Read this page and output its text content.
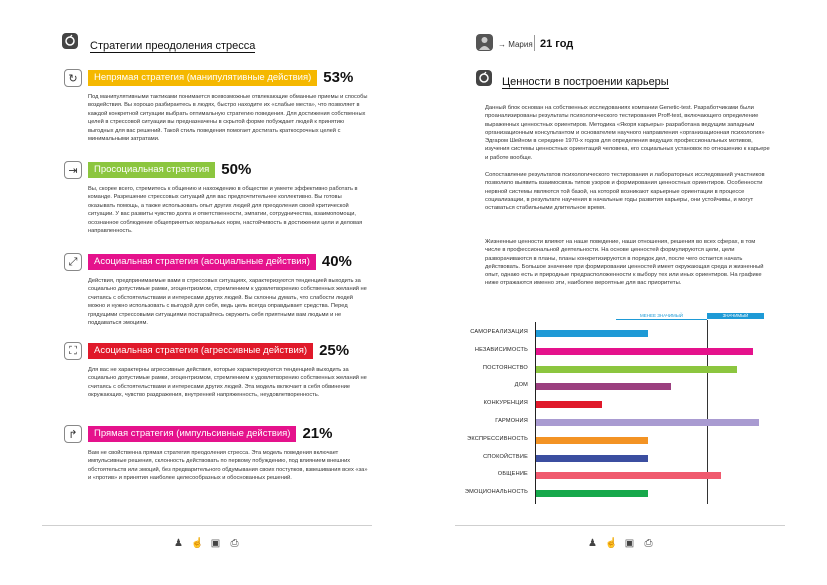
Стратегии преодоления стресса
↻	Непрямая стратегия (манипулятивные действия) 53%
Под манипулятивными тактиками понимается всевозможные отвлекающие обманные приемы и способы воздействия. Вы хорошо разбираетесь в людях, быстро находите их «слабые места», что позволяет в каждой конкретной ситуации выбрать оптимальную стратегию поведения. Для достижения собственных целей в стрессовой ситуации вы предназначены в скрытой форме побуждает людей к принятию выгодных для вас решений. Такой стиль поведения помогает достигать краткосрочных целей с минимальными затратами.
⇥	Просоциальная стратегия 50%
Вы, скорее всего, стремитесь к общению и нахождению в обществе и умеете эффективно работать в команде. Разрешение стрессовых ситуаций для вас предпочтительнее коллективно. Вы готовы оказывать помощь, а также использовать опыт других людей для преодоления своей критической ситуации. У вас развиты чувство долга и ответственности, эмпатии, сотрудничества, взаимопомощи, осознанное соблюдение общепринятых моральных норм, настойчивость в достижении цели и деловая направленность.
⤢	Асоциальная стратегия (асоциальные действия) 40%
Действия, предпринимаемые вами в стрессовых ситуациях, характеризуются тенденцией выходить за социально допустимые рамки, эгоцентризмом, стремлением к удовлетворению собственных желаний не считаясь с обстоятельствами и интересами других людей. Вы склонны думать, что слабости людей можно и нужно использовать с выгодой для себя, ведь цель всегда оправдывает средства. Перед грядущими стрессовыми ситуациями постарайтесь окружить себя приятными вам людьми и не поддаваться эмоциям.
⛶	Асоциальная стратегия (агрессивные действия) 25%
Для вас не характерны агрессивные действия, которые характеризуются тенденцией выходить за социально допустимые рамки, эгоцентризмом, стремлением к удовлетворению собственных желаний не считаясь с обстоятельствами и интересами других людей. Эта модель включает в себя обвинение окружающих, чувство раздражения, внутренней напряженность, неудовлетворенность.
↱	Прямая стратегия (импульсивные действия) 21%
Вам не свойственна прямая стратегия преодоления стресса. Эта модель поведения включает импульсивные решения, склонность действовать по первому побуждению, под влиянием внешних обстоятельств или эмоций, без предварительного обдумывания своих поступков, взвешивания всех «за» и «против» и принятия наиболее целесообразных и обоснованных решений.
→ Мария 21 год
Ценности в построении карьеры
Данный блок основан на собственных исследованиях компании Genetic-test. Разработчиками были проанализированы результаты психологического тестирования Proff-test, включающего определение выраженных ценностных ориентиров. Методика «Якоря карьеры» разработана ведущим западным организационным консультантом и основателем научного направления «организационная психология» Эдгаром Шейном в середине 1970-х годов для определения ведущих профессиональных мотивов, изучения системы ценностных ориентаций человека, его социальных установок по отношению к карьере и работе вообще.
Сопоставление результатов психологического тестирования и лабораторных исследований участников позволило выявить взаимосвязь типов узоров и формирования ценностных ориентиров. Особенности нервной системы являются той базой, на которой возникают карьерные ориентации в процессе социализации, в результате научения в начальные годы развития карьеры, они устойчивы, и могут оставаться стабильными длительное время.
Жизненные ценности влияют на наше поведение, наши отношения, решения во всех сферах, в том числе в профессиональной деятельности. На основе ценностей формулируются цели, цели разворачиваются в планы, планы конкретизируются в порядок дел, после чего остается начать действовать. Большое значение при формировании ценностей имеет окружающая среда и жизненный опыт, однако есть и природные предрасположенности к выбору тех или иных ориентиров. На графике ниже отражаются именно эти, наиболее вероятные для вас приоритеты.
МЕНЕЕ ЗНАЧИМЫЙ	ЗНАЧИМЫЙ
САМОРЕАЛИЗАЦИЯ
НЕЗАВИСИМОСТЬ
ПОСТОЯНСТВО
ДОМ
КОНКУРЕНЦИЯ
ГАРМОНИЯ
ЭКСПРЕССИВНОСТЬ
СПОКОЙСТВИЕ
ОБЩЕНИЕ
ЭМОЦИОНАЛЬНОСТЬ
♟ ☝ ▣ ⎙	♟ ☝ ▣ ⎙
